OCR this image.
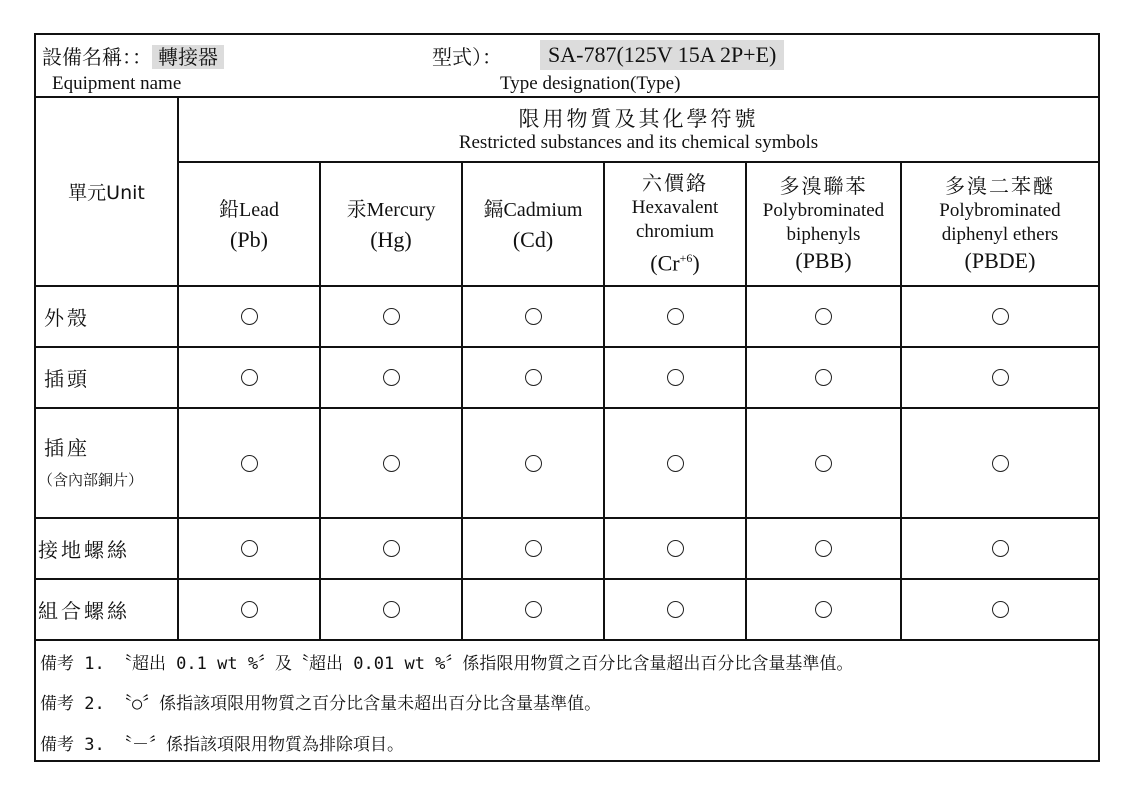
設備名稱：： 轉接器
Equipment name
型式）：	SA-787(125V 15A 2P+E)
Type designation(Type)
單元Unit
限用物質及其化學符號
Restricted substances and its chemical symbols
鉛Lead
(Pb)
汞Mercury
(Hg)
鎘Cadmium
(Cd)
六價鉻
Hexavalent
chromium
$(Cr^{+6})$
多溴聯苯
Polybrominated
biphenyls
(PBB)
多溴二苯醚
Polybrominated
diphenyl ethers
(PBDE)
外殼
插頭
插座
（含內部銅片）
接地螺絲
組合螺絲
備考 1. 〝超出 0.1 wt %〞及〝超出 0.01 wt %〞係指限用物質之百分比含量超出百分比含量基準值。
備考 2. 〝○〞係指該項限用物質之百分比含量未超出百分比含量基準值。
備考 3. 〝－〞係指該項限用物質為排除項目。
